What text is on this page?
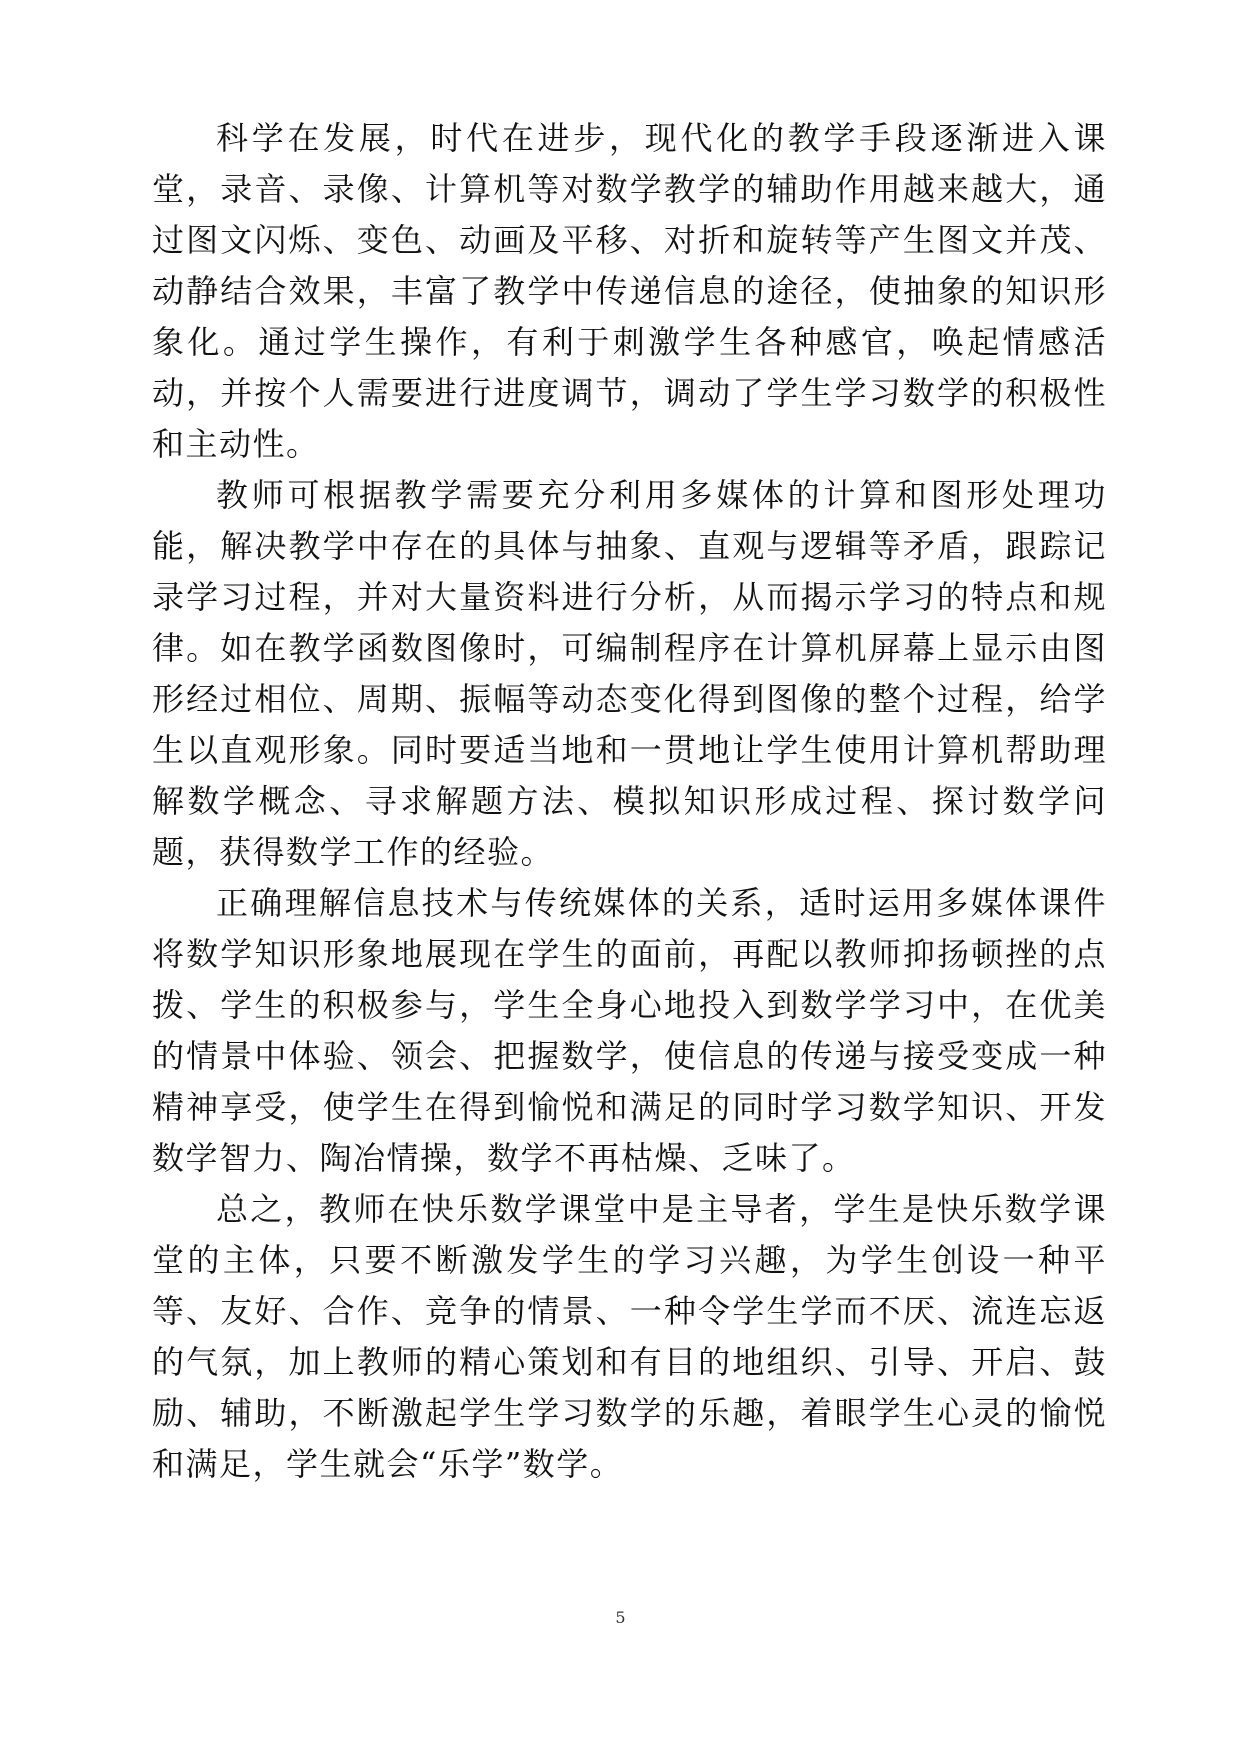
科学在发展，时代在进步，现代化的教学手段逐渐进入课堂，录音、录像、计算机等对数学教学的辅助作用越来越大，通过图文闪烁、变色、动画及平移、对折和旋转等产生图文并茂、动静结合效果，丰富了教学中传递信息的途径，使抽象的知识形象化。通过学生操作，有利于刺激学生各种感官，唤起情感活动，并按个人需要进行进度调节，调动了学生学习数学的积极性和主动性。

教师可根据教学需要充分利用多媒体的计算和图形处理功能，解决教学中存在的具体与抽象、直观与逻辑等矛盾，跟踪记录学习过程，并对大量资料进行分析，从而揭示学习的特点和规律。如在教学函数图像时，可编制程序在计算机屏幕上显示由图形经过相位、周期、振幅等动态变化得到图像的整个过程，给学生以直观形象。同时要适当地和一贯地让学生使用计算机帮助理解数学概念、寻求解题方法、模拟知识形成过程、探讨数学问题，获得数学工作的经验。

正确理解信息技术与传统媒体的关系，适时运用多媒体课件将数学知识形象地展现在学生的面前，再配以教师抑扬顿挫的点拨、学生的积极参与，学生全身心地投入到数学学习中，在优美的情景中体验、领会、把握数学，使信息的传递与接受变成一种精神享受，使学生在得到愉悦和满足的同时学习数学知识、开发数学智力、陶冶情操，数学不再枯燥、乏味了。

总之，教师在快乐数学课堂中是主导者，学生是快乐数学课堂的主体，只要不断激发学生的学习兴趣，为学生创设一种平等、友好、合作、竞争的情景、一种令学生学而不厌、流连忘返的气氛，加上教师的精心策划和有目的地组织、引导、开启、鼓励、辅助，不断激起学生学习数学的乐趣，着眼学生心灵的愉悦和满足，学生就会“乐学”数学。

5
